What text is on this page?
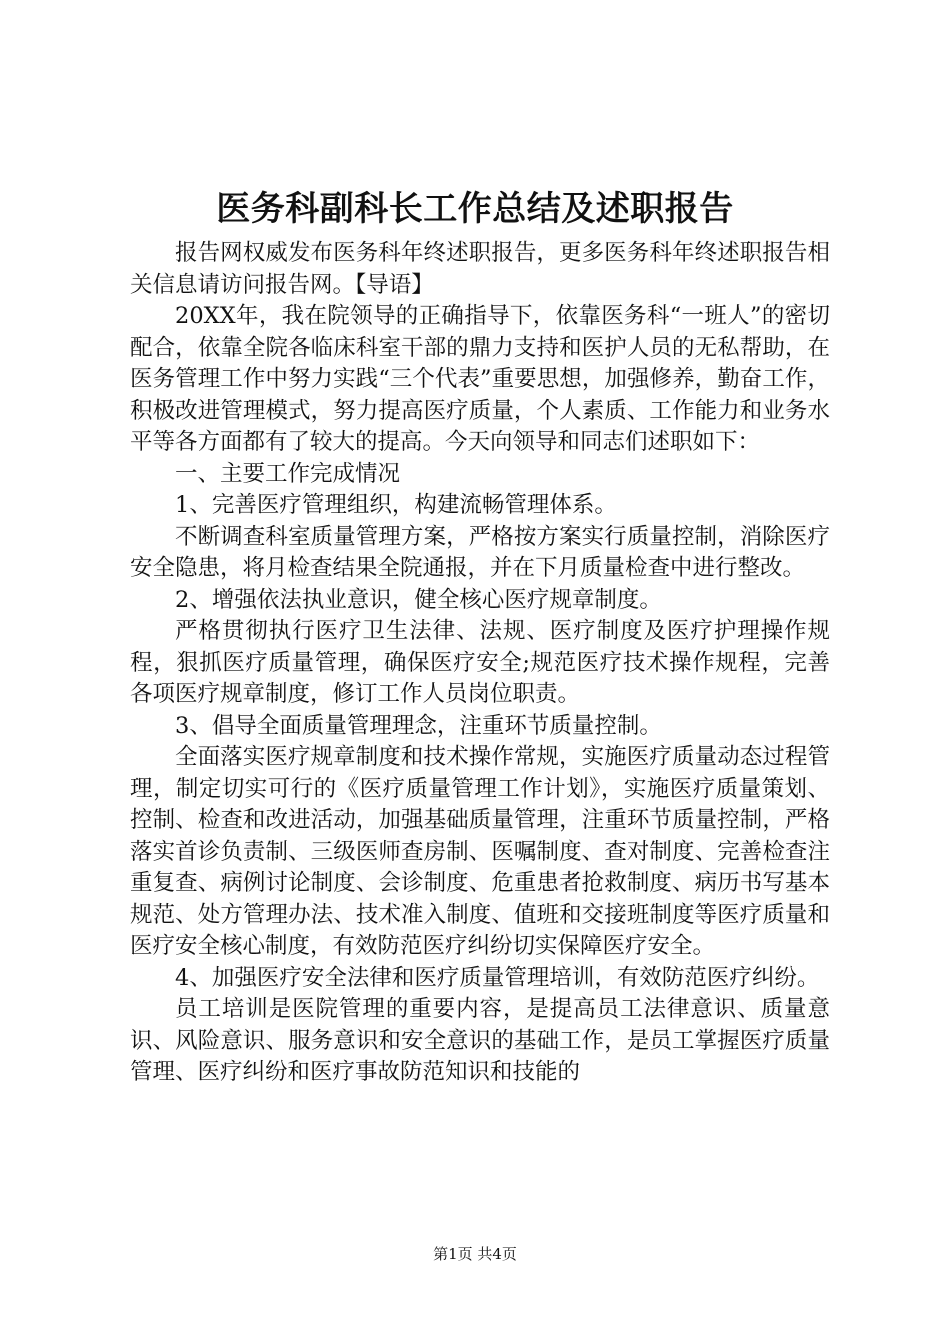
医务科副科长工作总结及述职报告

报告网权威发布医务科年终述职报告，更多医务科年终述职报告相关信息请访问报告网。【导语】

20XX年，我在院领导的正确指导下，依靠医务科“一班人”的密切配合，依靠全院各临床科室干部的鼎力支持和医护人员的无私帮助，在医务管理工作中努力实践“三个代表”重要思想，加强修养，勤奋工作，积极改进管理模式，努力提高医疗质量，个人素质、工作能力和业务水平等各方面都有了较大的提高。今天向领导和同志们述职如下：

一、主要工作完成情况

1、完善医疗管理组织，构建流畅管理体系。

不断调查科室质量管理方案，严格按方案实行质量控制，消除医疗安全隐患，将月检查结果全院通报，并在下月质量检查中进行整改。

2、增强依法执业意识，健全核心医疗规章制度。

严格贯彻执行医疗卫生法律、法规、医疗制度及医疗护理操作规程，狠抓医疗质量管理，确保医疗安全;规范医疗技术操作规程，完善各项医疗规章制度，修订工作人员岗位职责。

3、倡导全面质量管理理念，注重环节质量控制。

全面落实医疗规章制度和技术操作常规，实施医疗质量动态过程管理，制定切实可行的《医疗质量管理工作计划》，实施医疗质量策划、控制、检查和改进活动，加强基础质量管理，注重环节质量控制，严格落实首诊负责制、三级医师查房制、医嘱制度、查对制度、完善检查注重复查、病例讨论制度、会诊制度、危重患者抢救制度、病历书写基本规范、处方管理办法、技术准入制度、值班和交接班制度等医疗质量和医疗安全核心制度，有效防范医疗纠纷切实保障医疗安全。

4、加强医疗安全法律和医疗质量管理培训，有效防范医疗纠纷。

员工培训是医院管理的重要内容，是提高员工法律意识、质量意识、风险意识、服务意识和安全意识的基础工作，是员工掌握医疗质量管理、医疗纠纷和医疗事故防范知识和技能的

第1页 共4页
